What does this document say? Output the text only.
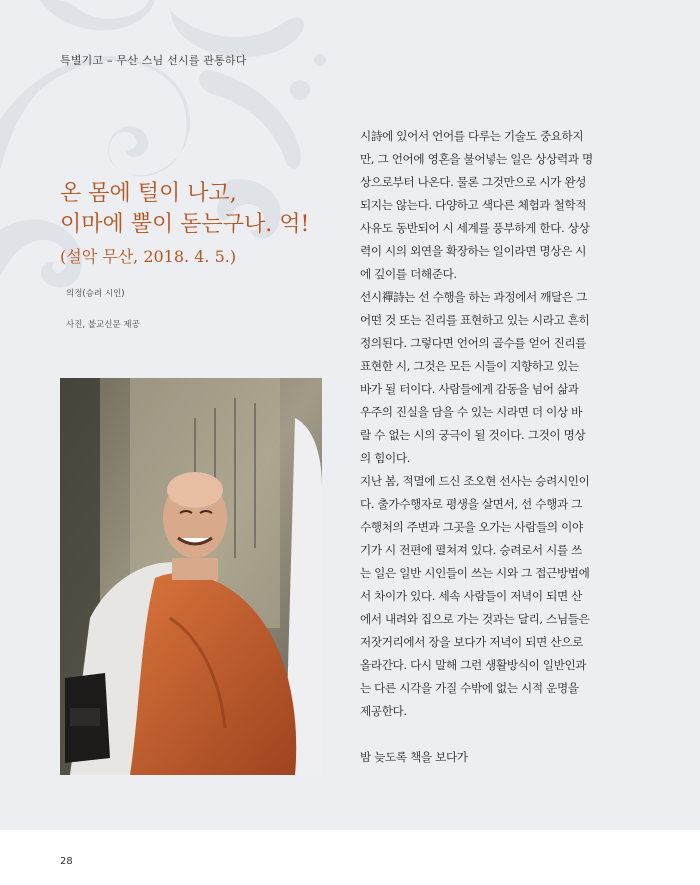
특별기고 – 무산 스님 선시를 관통하다
온 몸에 털이 나고,
이마에 뿔이 돋는구나. 억!
(설악 무산, 2018. 4. 5.)
의정(승려 시인)
사진, 불교신문 제공
시詩에 있어서 언어를 다루는 기술도 중요하지
만, 그 언어에 영혼을 불어넣는 일은 상상력과 명
상으로부터 나온다. 물론 그것만으로 시가 완성
되지는 않는다. 다양하고 색다른 체험과 철학적
사유도 동반되어 시 세계를 풍부하게 한다. 상상
력이 시의 외연을 확장하는 일이라면 명상은 시
에 깊이를 더해준다.
선시禪詩는 선 수행을 하는 과정에서 깨달은 그
어떤 것 또는 진리를 표현하고 있는 시라고 흔히
정의된다. 그렇다면 언어의 골수를 얻어 진리를
표현한 시, 그것은 모든 시들이 지향하고 있는
바가 될 터이다. 사람들에게 감동을 넘어 삶과
우주의 진실을 담을 수 있는 시라면 더 이상 바
랄 수 없는 시의 궁극이 될 것이다. 그것이 명상
의 힘이다.
지난 봄, 적멸에 드신 조오현 선사는 승려시인이
다. 출가수행자로 평생을 살면서, 선 수행과 그
수행처의 주변과 그곳을 오가는 사람들의 이야
기가 시 전편에 펼쳐져 있다. 승려로서 시를 쓰
는 일은 일반 시인들이 쓰는 시와 그 접근방법에
서 차이가 있다. 세속 사람들이 저녁이 되면 산
에서 내려와 집으로 가는 것과는 달리, 스님들은
저잣거리에서 장을 보다가 저녁이 되면 산으로
올라간다. 다시 말해 그런 생활방식이 일반인과
는 다른 시각을 가질 수밖에 없는 시적 운명을
제공한다.
밤 늦도록 책을 보다가
28
